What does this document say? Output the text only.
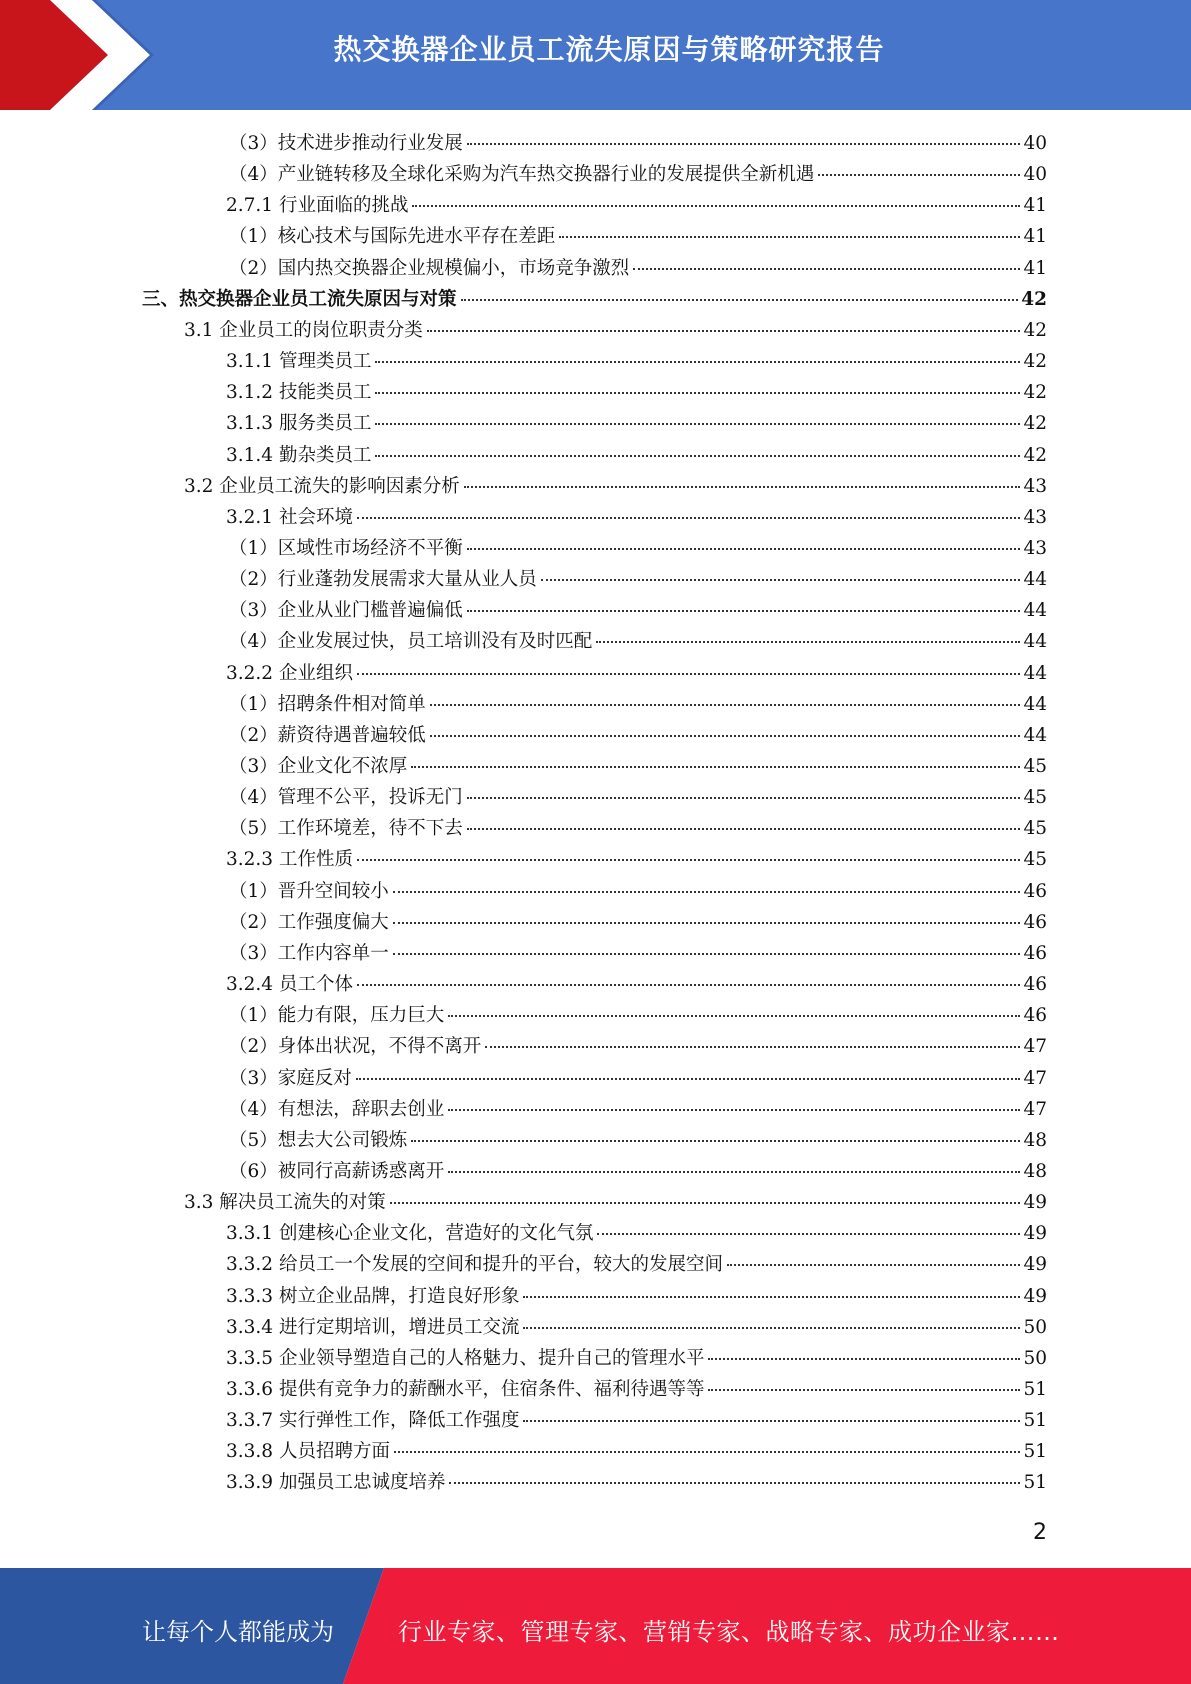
热交换器企业员工流失原因与策略研究报告
（3）技术进步推动行业发展	40
（4）产业链转移及全球化采购为汽车热交换器行业的发展提供全新机遇	40
2.7.1 行业面临的挑战	41
（1）核心技术与国际先进水平存在差距	41
（2）国内热交换器企业规模偏小，市场竞争激烈	41
三、热交换器企业员工流失原因与对策	42
3.1 企业员工的岗位职责分类	42
3.1.1 管理类员工	42
3.1.2 技能类员工	42
3.1.3 服务类员工	42
3.1.4 勤杂类员工	42
3.2 企业员工流失的影响因素分析	43
3.2.1 社会环境	43
（1）区域性市场经济不平衡	43
（2）行业蓬勃发展需求大量从业人员	44
（3）企业从业门槛普遍偏低	44
（4）企业发展过快，员工培训没有及时匹配	44
3.2.2 企业组织	44
（1）招聘条件相对简单	44
（2）薪资待遇普遍较低	44
（3）企业文化不浓厚	45
（4）管理不公平，投诉无门	45
（5）工作环境差，待不下去	45
3.2.3 工作性质	45
（1）晋升空间较小	46
（2）工作强度偏大	46
（3）工作内容单一	46
3.2.4 员工个体	46
（1）能力有限，压力巨大	46
（2）身体出状况，不得不离开	47
（3）家庭反对	47
（4）有想法，辞职去创业	47
（5）想去大公司锻炼	48
（6）被同行高薪诱惑离开	48
3.3 解决员工流失的对策	49
3.3.1 创建核心企业文化，营造好的文化气氛	49
3.3.2 给员工一个发展的空间和提升的平台，较大的发展空间	49
3.3.3 树立企业品牌，打造良好形象	49
3.3.4 进行定期培训，增进员工交流	50
3.3.5 企业领导塑造自己的人格魅力、提升自己的管理水平	50
3.3.6 提供有竞争力的薪酬水平，住宿条件、福利待遇等等	51
3.3.7 实行弹性工作，降低工作强度	51
3.3.8 人员招聘方面	51
3.3.9 加强员工忠诚度培养	51
2
让每个人都能成为	行业专家、管理专家、营销专家、战略专家、成功企业家……
